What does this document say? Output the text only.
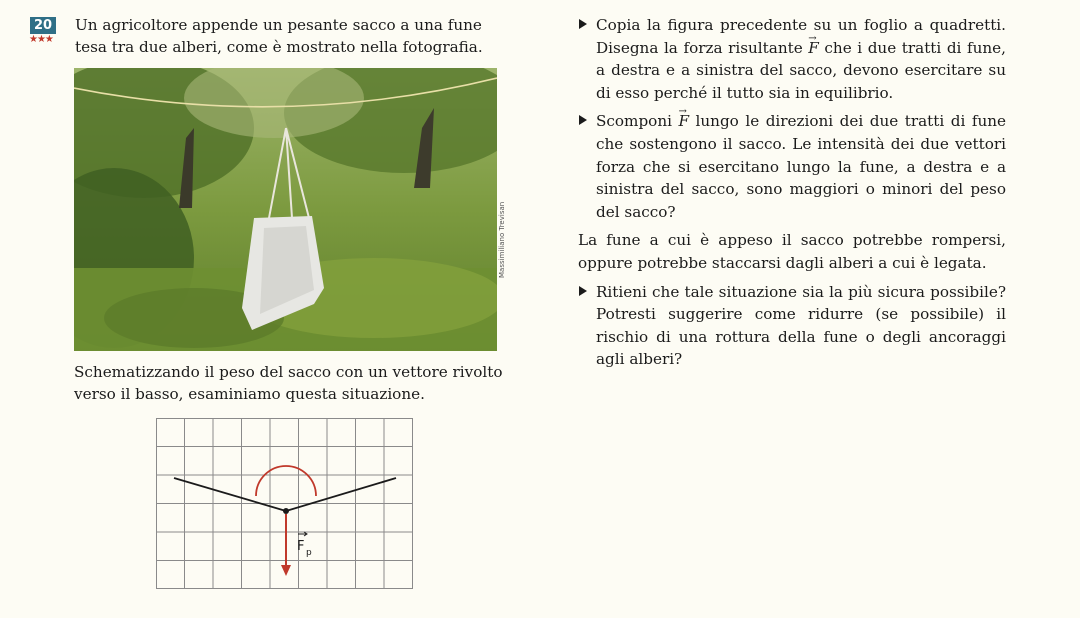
20
★★★
Un agricoltore appende un pesante sacco a una fune tesa tra due alberi, come è mostrato nella fotografia.
Massimiliano Trevisan
Schematizzando il peso del sacco con un vettore rivolto verso il basso, esaminiamo questa situazione.
F p
Copia la figura precedente su un foglio a quadretti. Disegna la forza risultante → F che i due tratti di fune, a destra e a sinistra del sacco, devono esercitare su di esso perché il tutto sia in equilibrio.
Scomponi → F lungo le direzioni dei due tratti di fune che sostengono il sacco. Le intensità dei due vettori forza che si esercitano lungo la fune, a destra e a sinistra del sacco, sono maggiori o minori del peso del sacco?
La fune a cui è appeso il sacco potrebbe rompersi, oppure potrebbe staccarsi dagli alberi a cui è legata.
Ritieni che tale situazione sia la più sicura possibile? Potresti suggerire come ridurre (se possibile) il rischio di una rottura della fune o degli ancoraggi agli alberi?
